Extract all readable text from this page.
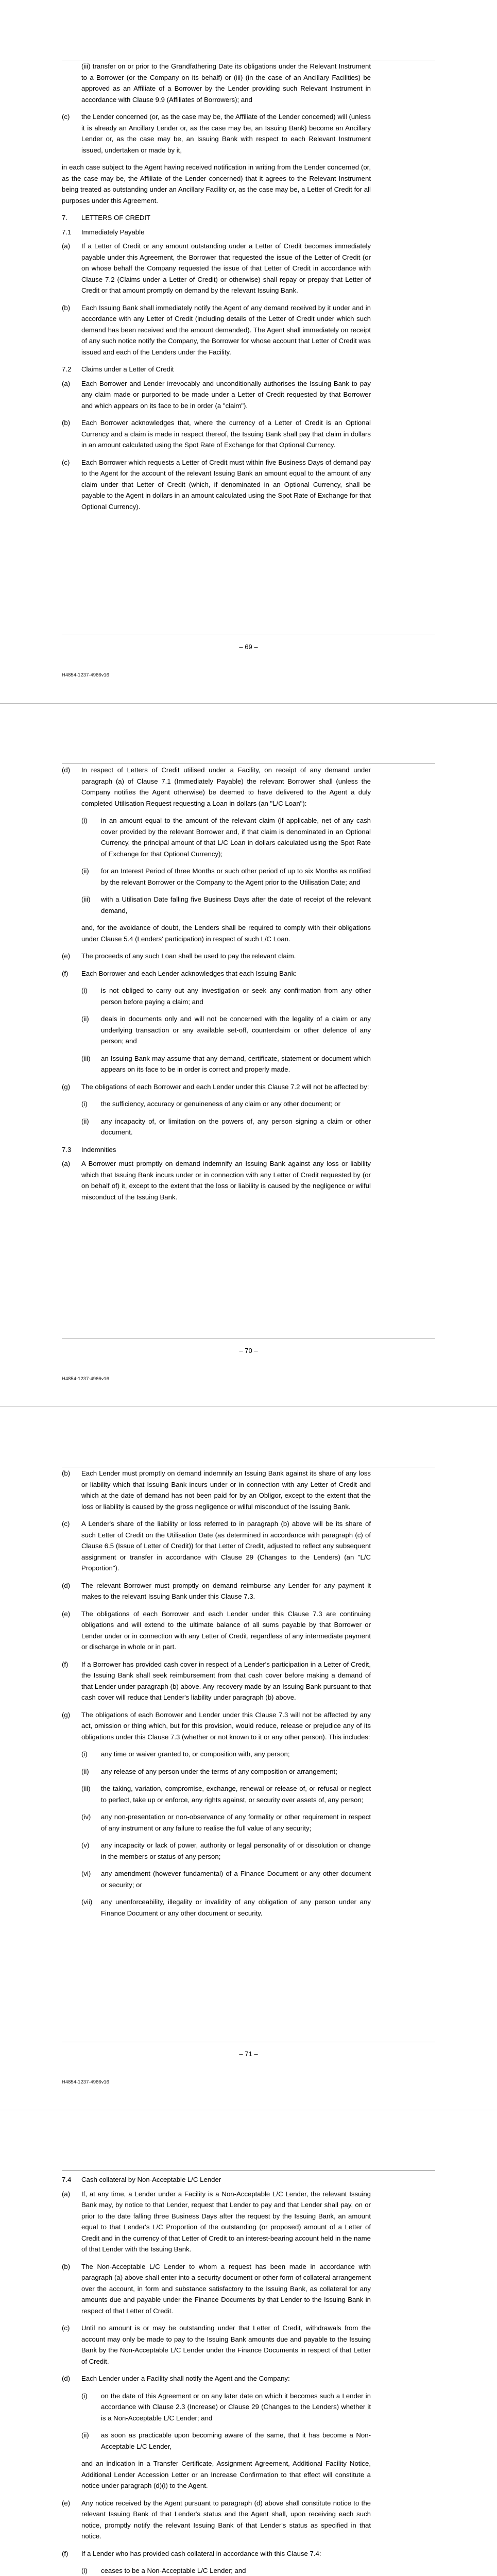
(iii) transfer on or prior to the Grandfathering Date its obligations under the Relevant Instrument to a Borrower (or the Company on its behalf) or (iii) (in the case of an Ancillary Facilities) be approved as an Affiliate of a Borrower by the Lender providing such Relevant Instrument in accordance with Clause 9.9 (Affiliates of Borrowers); and
(c)	the Lender concerned (or, as the case may be, the Affiliate of the Lender concerned) will (unless it is already an Ancillary Lender or, as the case may be, an Issuing Bank) become an Ancillary Lender or, as the case may be, an Issuing Bank with respect to each Relevant Instrument issued, undertaken or made by it,
in each case subject to the Agent having received notification in writing from the Lender concerned (or, as the case may be, the Affiliate of the Lender concerned) that it agrees to the Relevant Instrument being treated as outstanding under an Ancillary Facility or, as the case may be, a Letter of Credit for all purposes under this Agreement.
7.	LETTERS OF CREDIT
7.1	Immediately Payable
(a)	If a Letter of Credit or any amount outstanding under a Letter of Credit becomes immediately payable under this Agreement, the Borrower that requested the issue of the Letter of Credit (or on whose behalf the Company requested the issue of that Letter of Credit in accordance with Clause 7.2 (Claims under a Letter of Credit) or otherwise) shall repay or prepay that Letter of Credit or that amount promptly on demand by the relevant Issuing Bank.
(b)	Each Issuing Bank shall immediately notify the Agent of any demand received by it under and in accordance with any Letter of Credit (including details of the Letter of Credit under which such demand has been received and the amount demanded). The Agent shall immediately on receipt of any such notice notify the Company, the Borrower for whose account that Letter of Credit was issued and each of the Lenders under the Facility.
7.2	Claims under a Letter of Credit
(a)	Each Borrower and Lender irrevocably and unconditionally authorises the Issuing Bank to pay any claim made or purported to be made under a Letter of Credit requested by that Borrower and which appears on its face to be in order (a "claim").
(b)	Each Borrower acknowledges that, where the currency of a Letter of Credit is an Optional Currency and a claim is made in respect thereof, the Issuing Bank shall pay that claim in dollars in an amount calculated using the Spot Rate of Exchange for that Optional Currency.
(c)	Each Borrower which requests a Letter of Credit must within five Business Days of demand pay to the Agent for the account of the relevant Issuing Bank an amount equal to the amount of any claim under that Letter of Credit (which, if denominated in an Optional Currency, shall be payable to the Agent in dollars in an amount calculated using the Spot Rate of Exchange for that Optional Currency).
– 69 –
H4854-1237-4966v16
(d)	In respect of Letters of Credit utilised under a Facility, on receipt of any demand under paragraph (a) of Clause 7.1 (Immediately Payable) the relevant Borrower shall (unless the Company notifies the Agent otherwise) be deemed to have delivered to the Agent a duly completed Utilisation Request requesting a Loan in dollars (an "L/C Loan"):
(i)	in an amount equal to the amount of the relevant claim (if applicable, net of any cash cover provided by the relevant Borrower and, if that claim is denominated in an Optional Currency, the principal amount of that L/C Loan in dollars calculated using the Spot Rate of Exchange for that Optional Currency);
(ii)	for an Interest Period of three Months or such other period of up to six Months as notified by the relevant Borrower or the Company to the Agent prior to the Utilisation Date; and
(iii)	with a Utilisation Date falling five Business Days after the date of receipt of the relevant demand,
and, for the avoidance of doubt, the Lenders shall be required to comply with their obligations under Clause 5.4 (Lenders' participation) in respect of such L/C Loan.
(e)	The proceeds of any such Loan shall be used to pay the relevant claim.
(f)	Each Borrower and each Lender acknowledges that each Issuing Bank:
(i)	is not obliged to carry out any investigation or seek any confirmation from any other person before paying a claim; and
(ii)	deals in documents only and will not be concerned with the legality of a claim or any underlying transaction or any available set-off, counterclaim or other defence of any person; and
(iii)	an Issuing Bank may assume that any demand, certificate, statement or document which appears on its face to be in order is correct and properly made.
(g)	The obligations of each Borrower and each Lender under this Clause 7.2 will not be affected by:
(i)	the sufficiency, accuracy or genuineness of any claim or any other document; or
(ii)	any incapacity of, or limitation on the powers of, any person signing a claim or other document.
7.3	Indemnities
(a)	A Borrower must promptly on demand indemnify an Issuing Bank against any loss or liability which that Issuing Bank incurs under or in connection with any Letter of Credit requested by (or on behalf of) it, except to the extent that the loss or liability is caused by the negligence or wilful misconduct of the Issuing Bank.
– 70 –
H4854-1237-4966v16
(b)	Each Lender must promptly on demand indemnify an Issuing Bank against its share of any loss or liability which that Issuing Bank incurs under or in connection with any Letter of Credit and which at the date of demand has not been paid for by an Obligor, except to the extent that the loss or liability is caused by the gross negligence or wilful misconduct of the Issuing Bank.
(c)	A Lender's share of the liability or loss referred to in paragraph (b) above will be its share of such Letter of Credit on the Utilisation Date (as determined in accordance with paragraph (c) of Clause 6.5 (Issue of Letter of Credit)) for that Letter of Credit, adjusted to reflect any subsequent assignment or transfer in accordance with Clause 29 (Changes to the Lenders) (an "L/C Proportion").
(d)	The relevant Borrower must promptly on demand reimburse any Lender for any payment it makes to the relevant Issuing Bank under this Clause 7.3.
(e)	The obligations of each Borrower and each Lender under this Clause 7.3 are continuing obligations and will extend to the ultimate balance of all sums payable by that Borrower or Lender under or in connection with any Letter of Credit, regardless of any intermediate payment or discharge in whole or in part.
(f)	If a Borrower has provided cash cover in respect of a Lender's participation in a Letter of Credit, the Issuing Bank shall seek reimbursement from that cash cover before making a demand of that Lender under paragraph (b) above. Any recovery made by an Issuing Bank pursuant to that cash cover will reduce that Lender's liability under paragraph (b) above.
(g)	The obligations of each Borrower and Lender under this Clause 7.3 will not be affected by any act, omission or thing which, but for this provision, would reduce, release or prejudice any of its obligations under this Clause 7.3 (whether or not known to it or any other person). This includes:
(i)	any time or waiver granted to, or composition with, any person;
(ii)	any release of any person under the terms of any composition or arrangement;
(iii)	the taking, variation, compromise, exchange, renewal or release of, or refusal or neglect to perfect, take up or enforce, any rights against, or security over assets of, any person;
(iv)	any non-presentation or non-observance of any formality or other requirement in respect of any instrument or any failure to realise the full value of any security;
(v)	any incapacity or lack of power, authority or legal personality of or dissolution or change in the members or status of any person;
(vi)	any amendment (however fundamental) of a Finance Document or any other document or security; or
(vii)	any unenforceability, illegality or invalidity of any obligation of any person under any Finance Document or any other document or security.
– 71 –
H4854-1237-4966v16
7.4	Cash collateral by Non-Acceptable L/C Lender
(a)	If, at any time, a Lender under a Facility is a Non-Acceptable L/C Lender, the relevant Issuing Bank may, by notice to that Lender, request that Lender to pay and that Lender shall pay, on or prior to the date falling three Business Days after the request by the Issuing Bank, an amount equal to that Lender's L/C Proportion of the outstanding (or proposed) amount of a Letter of Credit and in the currency of that Letter of Credit to an interest-bearing account held in the name of that Lender with the Issuing Bank.
(b)	The Non-Acceptable L/C Lender to whom a request has been made in accordance with paragraph (a) above shall enter into a security document or other form of collateral arrangement over the account, in form and substance satisfactory to the Issuing Bank, as collateral for any amounts due and payable under the Finance Documents by that Lender to the Issuing Bank in respect of that Letter of Credit.
(c)	Until no amount is or may be outstanding under that Letter of Credit, withdrawals from the account may only be made to pay to the Issuing Bank amounts due and payable to the Issuing Bank by the Non-Acceptable L/C Lender under the Finance Documents in respect of that Letter of Credit.
(d)	Each Lender under a Facility shall notify the Agent and the Company:
(i)	on the date of this Agreement or on any later date on which it becomes such a Lender in accordance with Clause 2.3 (Increase) or Clause 29 (Changes to the Lenders) whether it is a Non-Acceptable L/C Lender; and
(ii)	as soon as practicable upon becoming aware of the same, that it has become a Non-Acceptable L/C Lender,
and an indication in a Transfer Certificate, Assignment Agreement, Additional Facility Notice, Additional Lender Accession Letter or an Increase Confirmation to that effect will constitute a notice under paragraph (d)(i) to the Agent.
(e)	Any notice received by the Agent pursuant to paragraph (d) above shall constitute notice to the relevant Issuing Bank of that Lender's status and the Agent shall, upon receiving each such notice, promptly notify the relevant Issuing Bank of that Lender's status as specified in that notice.
(f)	If a Lender who has provided cash collateral in accordance with this Clause 7.4:
(i)	ceases to be a Non-Acceptable L/C Lender; and
